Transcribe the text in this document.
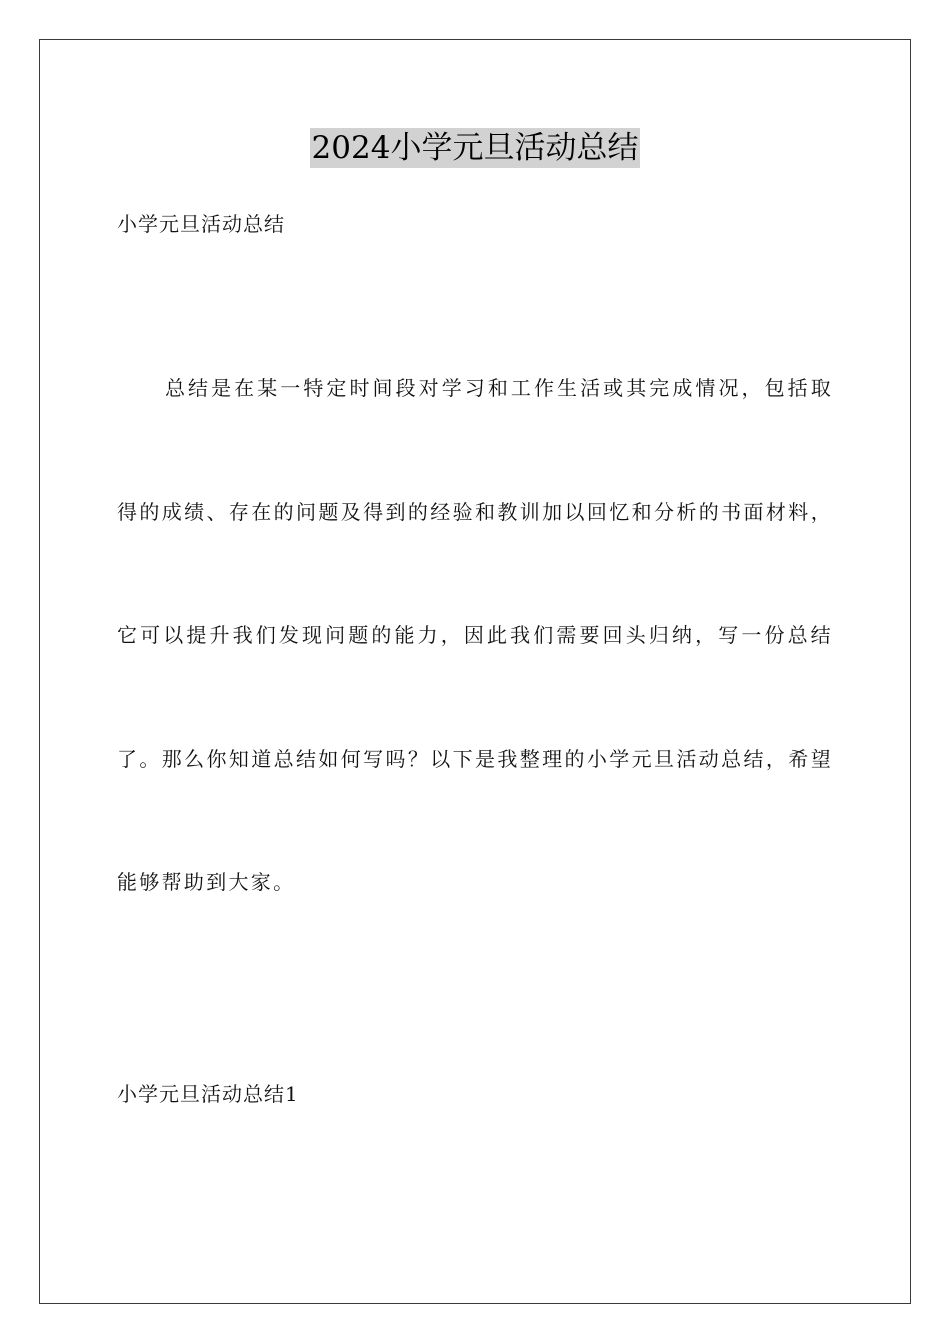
2024小学元旦活动总结
小学元旦活动总结

总结是在某一特定时间段对学习和工作生活或其完成情况，包括取得的成绩、存在的问题及得到的经验和教训加以回忆和分析的书面材料，它可以提升我们发现问题的能力，因此我们需要回头归纳，写一份总结了。那么你知道总结如何写吗？以下是我整理的小学元旦活动总结，希望能够帮助到大家。

小学元旦活动总结1
